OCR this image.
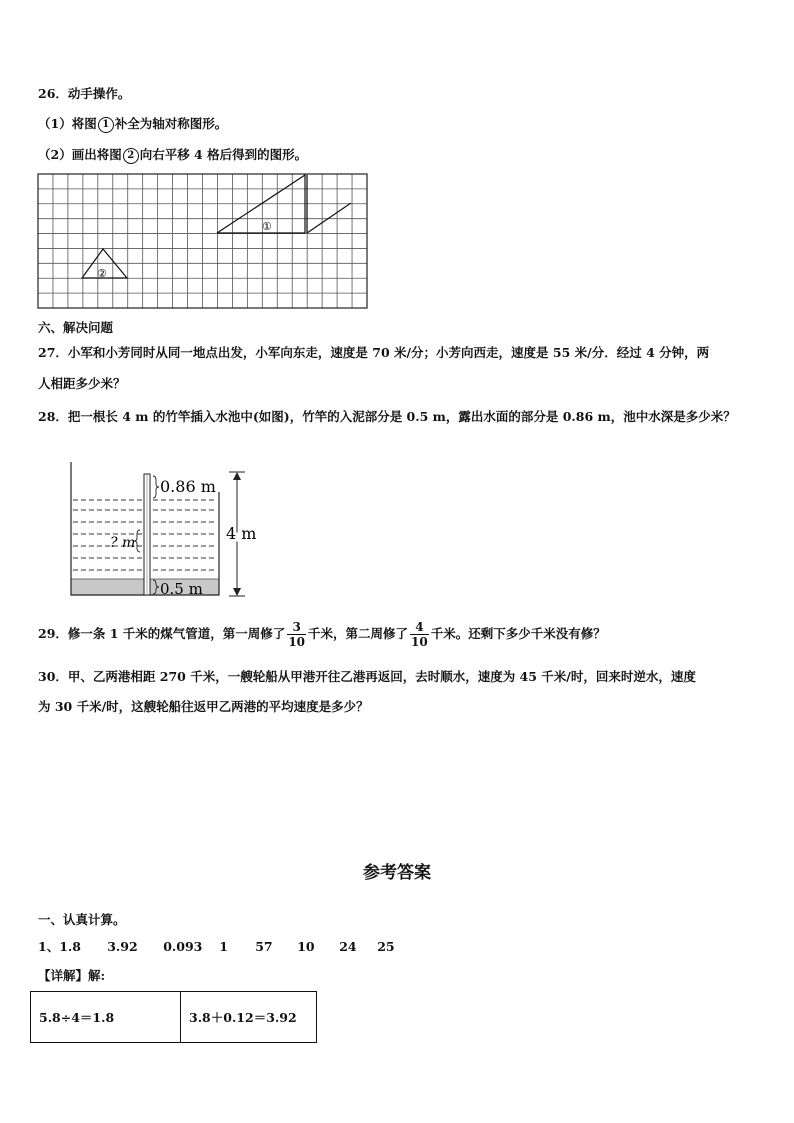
26．动手操作。
（1）将图 1 补全为轴对称图形。
（2）画出将图 2 向右平移 4 格后得到的图形。
①
②
六、解决问题
27．小军和小芳同时从同一地点出发，小军向东走，速度是 70 米/分；小芳向西走，速度是 55 米/分．经过 4 分钟，两
人相距多少米？
28．把一根长 4 m 的竹竿插入水池中(如图)，竹竿的入泥部分是 0.5 m，露出水面的部分是 0.86 m，池中水深是多少米？
0.86 m
? m
0.5 m
4 m
29．修一条 1 千米的煤气管道，第一周修了 $\frac{3}{10}$ 千米，第二周修了 $\frac{4}{10}$ 千米。还剩下多少千米没有修？
30．甲、乙两港相距 270 千米，一艘轮船从甲港开往乙港再返回，去时顺水，速度为 45 千米/时，回来时逆水，速度
为 30 千米/时，这艘轮船往返甲乙两港的平均速度是多少？
参考答案
一、认真计算。
1、1.8 3.92 0.093 1 57 10 24 25
【详解】解:
5.8÷4＝1.8	3.8＋0.12＝3.92
